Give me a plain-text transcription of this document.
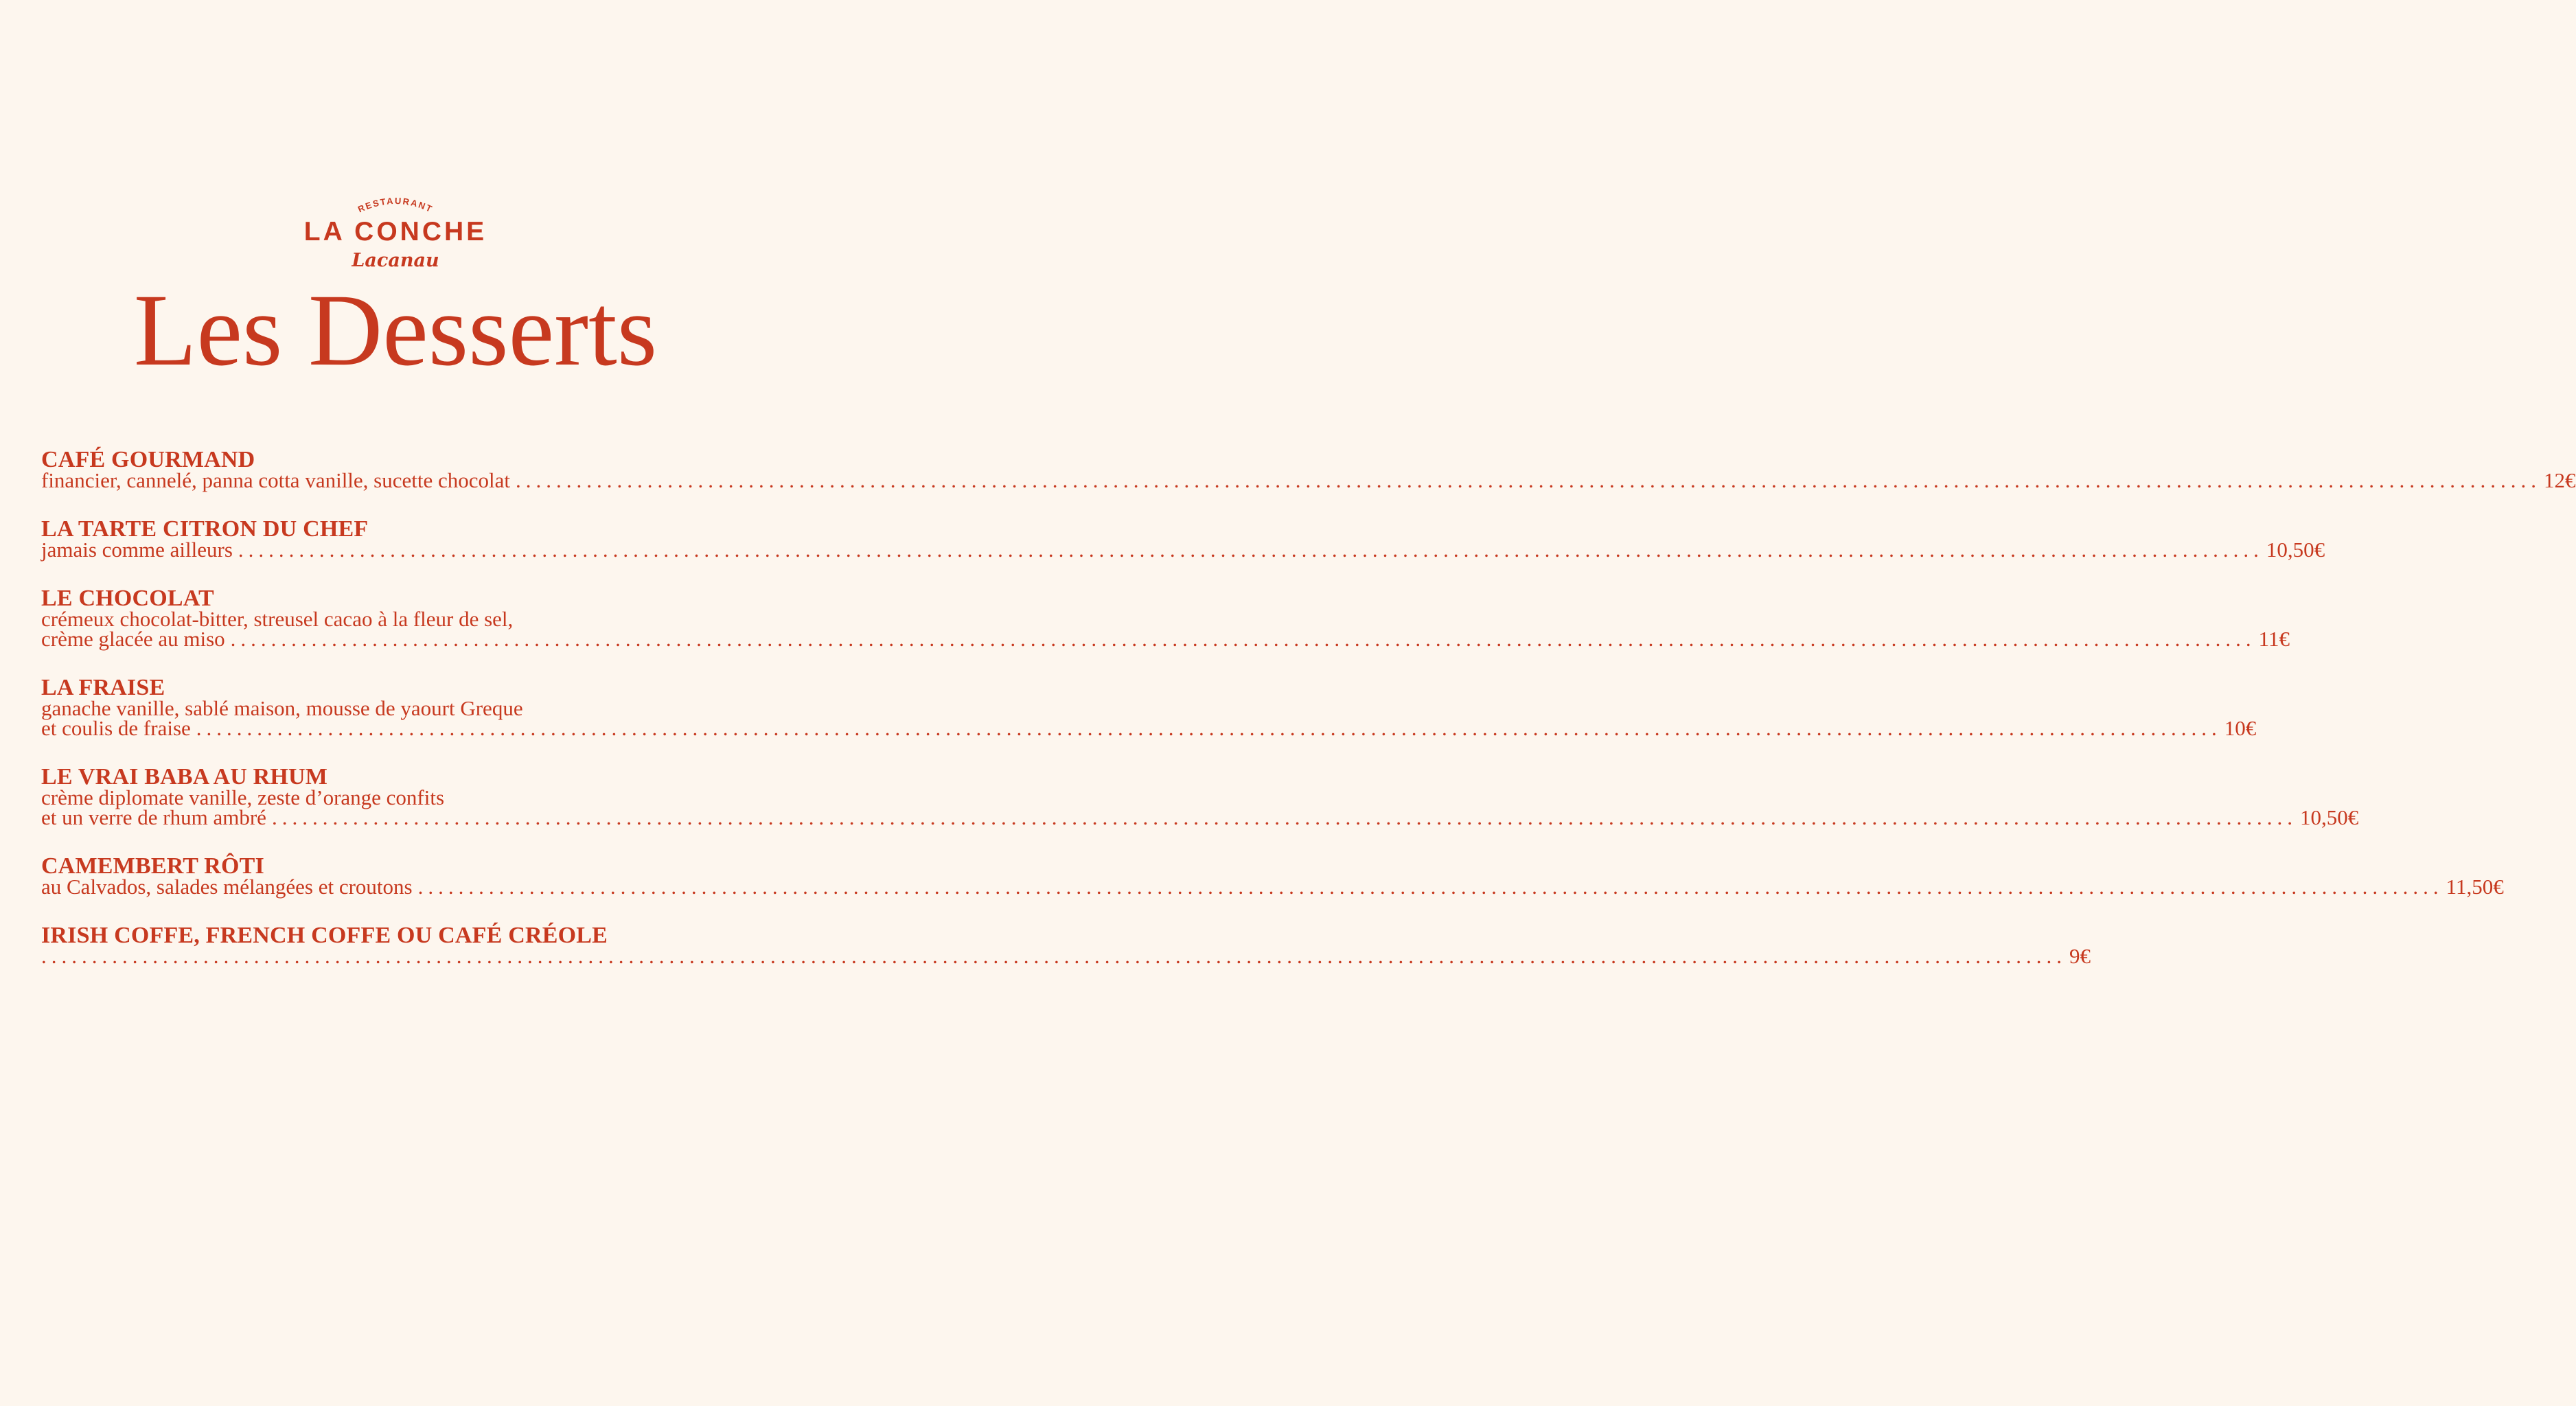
RESTAURANT
LA CONCHE
Lacanau
Les Desserts
CAFÉ GOURMAND
financier, cannelé, panna cotta vanille, sucette chocolat ........................................................................................................................................................................................................ 12€
LA TARTE CITRON DU CHEF
jamais comme ailleurs ........................................................................................................................................................................................................ 10,50€
LE CHOCOLAT
crémeux chocolat-bitter, streusel cacao à la fleur de sel,
crème glacée au miso ........................................................................................................................................................................................................ 11€
LA FRAISE
ganache vanille, sablé maison, mousse de yaourt Greque
et coulis de fraise ........................................................................................................................................................................................................ 10€
LE VRAI BABA AU RHUM
crème diplomate vanille, zeste d’orange confits
et un verre de rhum ambré ........................................................................................................................................................................................................ 10,50€
CAMEMBERT RÔTI
au Calvados, salades mélangées et croutons ........................................................................................................................................................................................................ 11,50€
IRISH COFFE, FRENCH COFFE OU CAFÉ CRÉOLE
........................................................................................................................................................................................................ 9€
